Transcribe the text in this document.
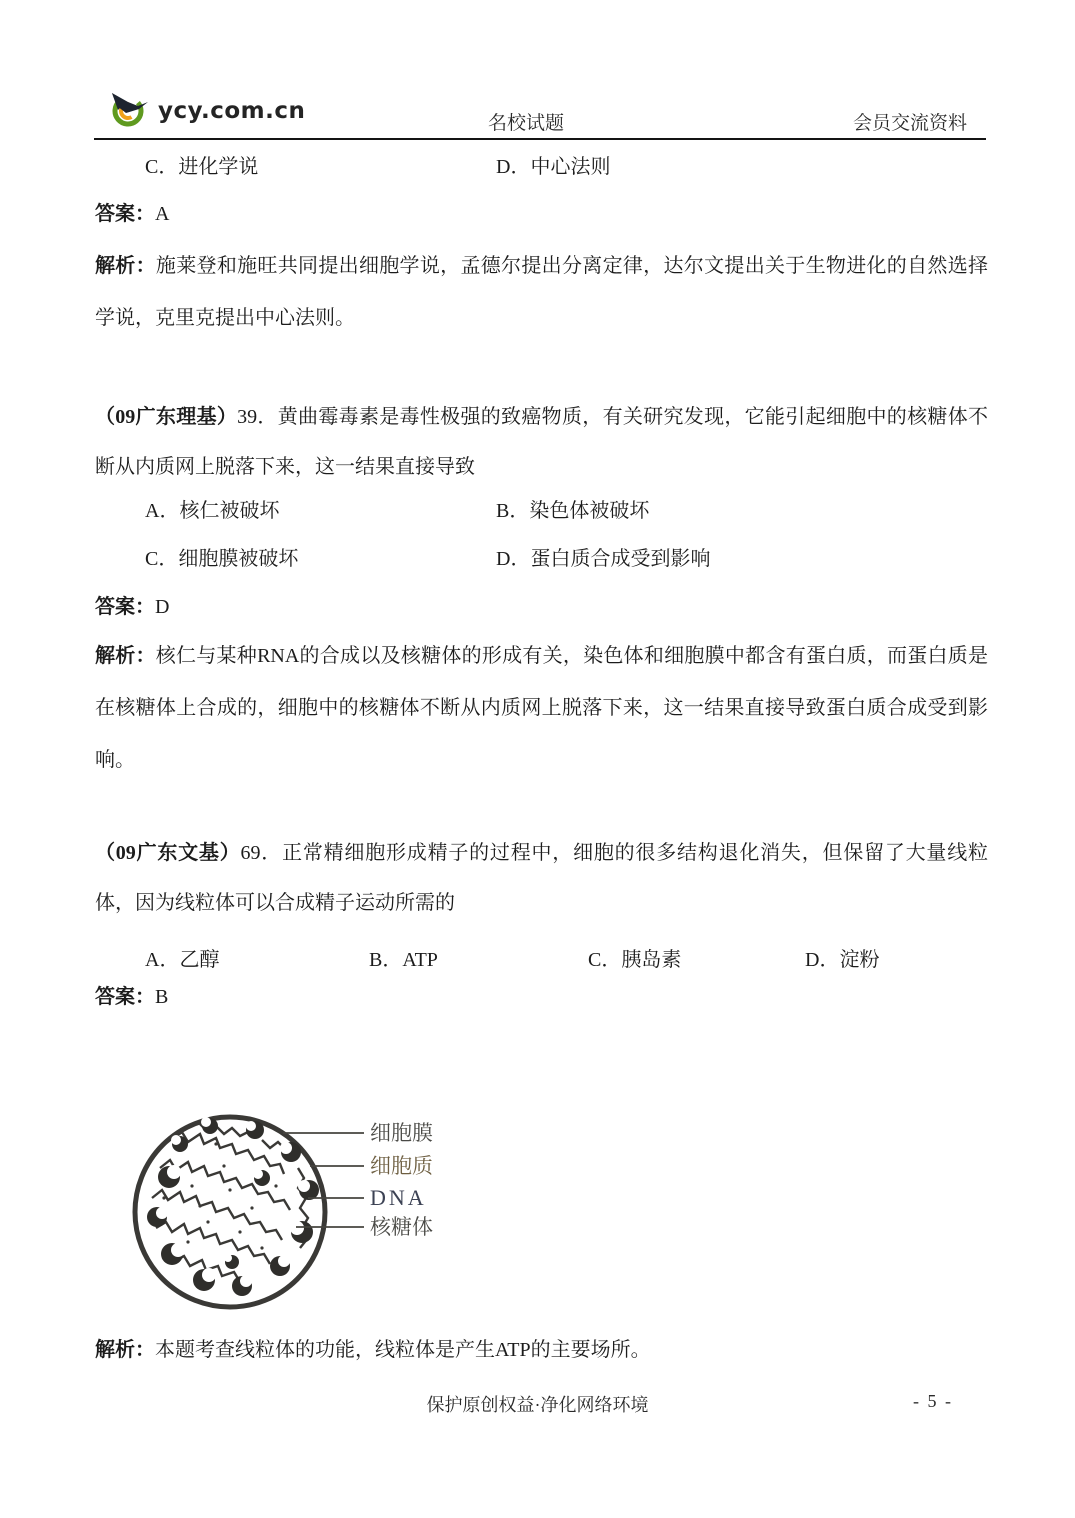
ycy.com.cn	名校试题	会员交流资料
C．进化学说	D．中心法则
答案：A
解析：施莱登和施旺共同提出细胞学说，孟德尔提出分离定律，达尔文提出关于生物进化的自然选择学说，克里克提出中心法则。
（09广东理基）39．黄曲霉毒素是毒性极强的致癌物质，有关研究发现，它能引起细胞中的核糖体不断从内质网上脱落下来，这一结果直接导致
A．核仁被破坏	B．染色体被破坏
C．细胞膜被破坏	D．蛋白质合成受到影响
答案：D
解析：核仁与某种RNA的合成以及核糖体的形成有关，染色体和细胞膜中都含有蛋白质，而蛋白质是在核糖体上合成的，细胞中的核糖体不断从内质网上脱落下来，这一结果直接导致蛋白质合成受到影响。
（09广东文基）69．正常精细胞形成精子的过程中，细胞的很多结构退化消失，但保留了大量线粒体，因为线粒体可以合成精子运动所需的
A．乙醇	B．ATP	C．胰岛素	D．淀粉
答案：B
细胞膜
细胞质
DNA
核糖体
解析：本题考查线粒体的功能，线粒体是产生ATP的主要场所。
保护原创权益·净化网络环境	- 5 -
